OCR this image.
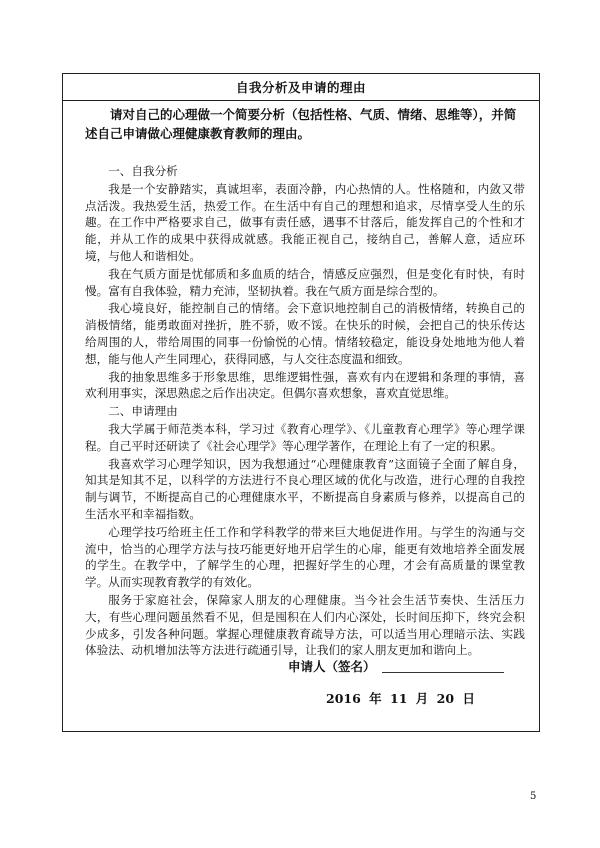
自我分析及申请的理由

请对自己的心理做一个简要分析（包括性格、气质、情绪、思维等），并简述自己申请做心理健康教育教师的理由。

一、自我分析

我是一个安静踏实，真诚坦率，表面冷静，内心热情的人。性格随和，内敛又带点活泼。我热爱生活，热爱工作。在生活中有自己的理想和追求，尽情享受人生的乐趣。在工作中严格要求自己，做事有责任感，遇事不甘落后，能发挥自己的个性和才能，并从工作的成果中获得成就感。我能正视自己，接纳自己，善解人意，适应环境，与他人和谐相处。

我在气质方面是忧郁质和多血质的结合，情感反应强烈，但是变化有时快，有时慢。富有自我体验，精力充沛，坚韧执着。我在气质方面是综合型的。

我心境良好，能控制自己的情绪。会下意识地控制自己的消极情绪，转换自己的消极情绪，能勇敢面对挫折，胜不骄，败不馁。在快乐的时候，会把自己的快乐传达给周围的人，带给周围的同事一份愉悦的心情。情绪较稳定，能设身处地地为他人着想，能与他人产生同理心，获得同感，与人交往态度温和细致。

我的抽象思维多于形象思维，思维逻辑性强，喜欢有内在逻辑和条理的事情，喜欢利用事实，深思熟虑之后作出决定。但偶尔喜欢想象，喜欢直觉思维。

二、申请理由

我大学属于师范类本科，学习过《教育心理学》、《儿童教育心理学》等心理学课程。自己平时还研读了《社会心理学》等心理学著作，在理论上有了一定的积累。

我喜欢学习心理学知识，因为我想通过“心理健康教育”这面镜子全面了解自身，知其是知其不足，以科学的方法进行不良心理区域的优化与改造，进行心理的自我控制与调节，不断提高自己的心理健康水平，不断提高自身素质与修养，以提高自己的生活水平和幸福指数。

心理学技巧给班主任工作和学科教学的带来巨大地促进作用。与学生的沟通与交流中，恰当的心理学方法与技巧能更好地开启学生的心扉，能更有效地培养全面发展的学生。在教学中，了解学生的心理，把握好学生的心理，才会有高质量的课堂教学。从而实现教育教学的有效化。

服务于家庭社会，保障家人朋友的心理健康。当今社会生活节奏快、生活压力大，有些心理问题虽然看不见，但是囤积在人们内心深处，长时间压抑下，终究会积少成多，引发各种问题。掌握心理健康教育疏导方法，可以适当用心理暗示法、实践体验法、动机增加法等方法进行疏通引导，让我们的家人朋友更加和谐向上。

申请人（签名）
2016 年 11 月 20 日
5
